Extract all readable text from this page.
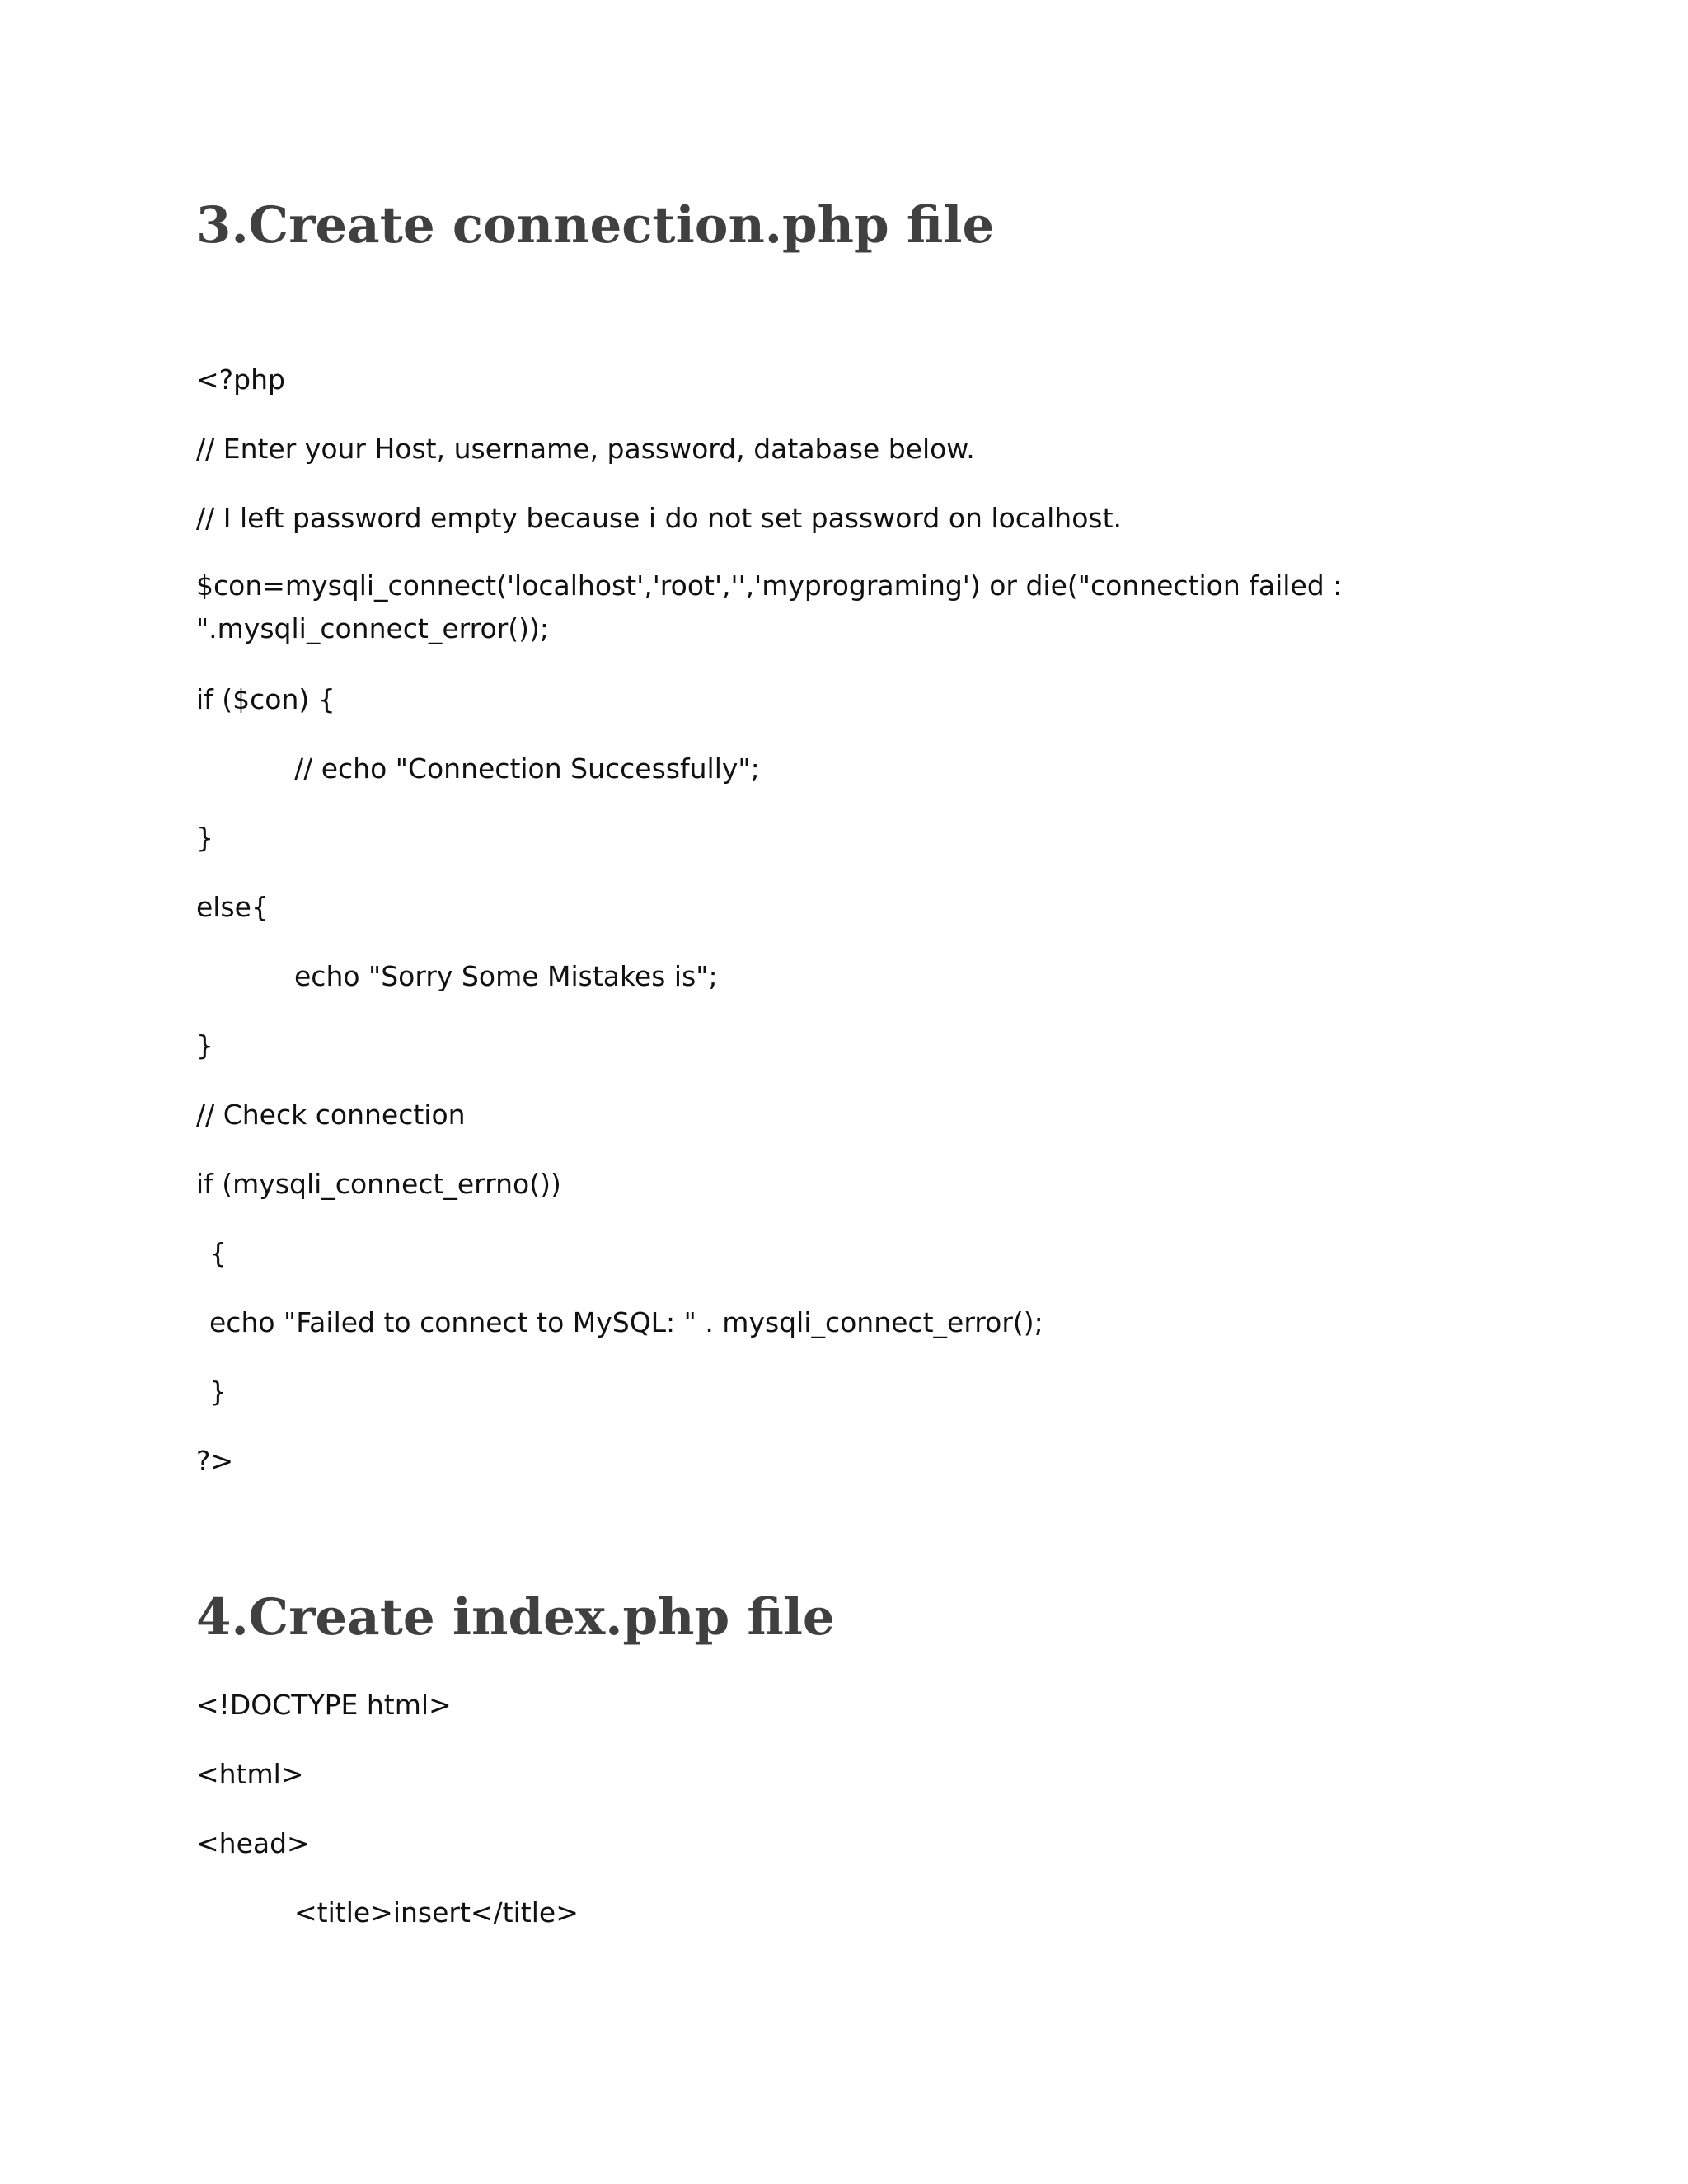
3.Create connection.php file

<?php

// Enter your Host, username, password, database below.

// I left password empty because i do not set password on localhost.

$con=mysqli_connect('localhost','root','','myprograming') or die("connection failed : ".mysqli_connect_error());

if ($con) {

// echo "Connection Successfully";

}

else{

echo "Sorry Some Mistakes is";

}

// Check connection

if (mysqli_connect_errno())

{

echo "Failed to connect to MySQL: " . mysqli_connect_error();

}

?>

4.Create index.php file

<!DOCTYPE html>

<html>

<head>

<title>insert</title>
